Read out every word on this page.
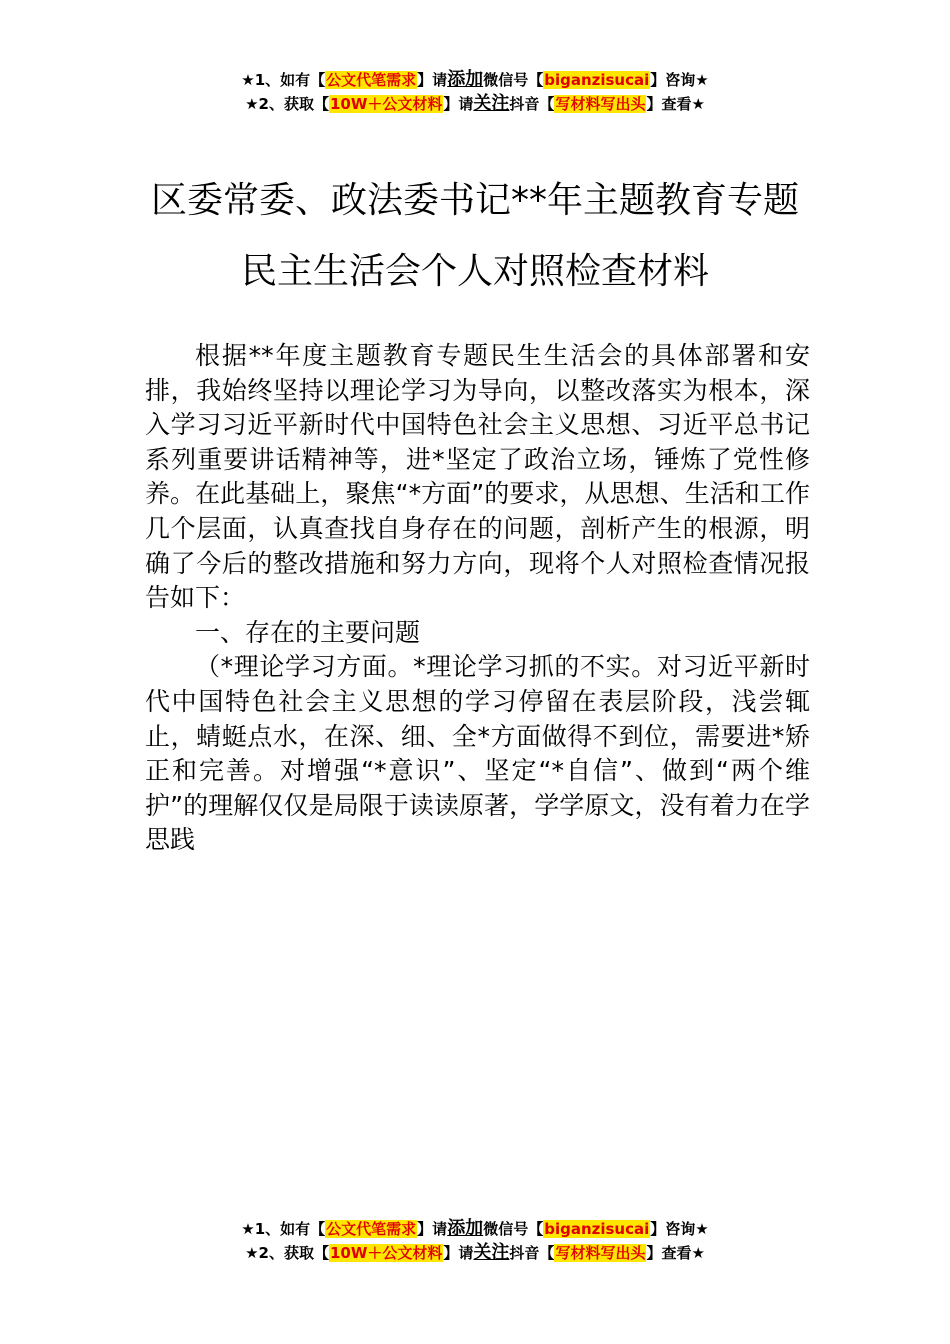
★1、如有【公文代笔需求】请添加微信号【biganzisucai】咨询★
★2、获取【10W＋公文材料】请关注抖音【写材料写出头】查看★
区委常委、政法委书记**年主题教育专题
民主生活会个人对照检查材料

根据**年度主题教育专题民生生活会的具体部署和安排，我始终坚持以理论学习为导向，以整改落实为根本，深入学习习近平新时代中国特色社会主义思想、习近平总书记系列重要讲话精神等，进*坚定了政治立场，锤炼了党性修养。在此基础上，聚焦“*方面”的要求，从思想、生活和工作几个层面，认真查找自身存在的问题，剖析产生的根源，明确了今后的整改措施和努力方向，现将个人对照检查情况报告如下：

一、存在的主要问题

（*理论学习方面。*理论学习抓的不实。对习近平新时代中国特色社会主义思想的学习停留在表层阶段，浅尝辄止，蜻蜓点水，在深、细、全*方面做得不到位，需要进*矫正和完善。对增强“*意识”、坚定“*自信”、做到“两个维护”的理解仅仅是局限于读读原著，学学原文，没有着力在学思践

★1、如有【公文代笔需求】请添加微信号【biganzisucai】咨询★
★2、获取【10W＋公文材料】请关注抖音【写材料写出头】查看★
